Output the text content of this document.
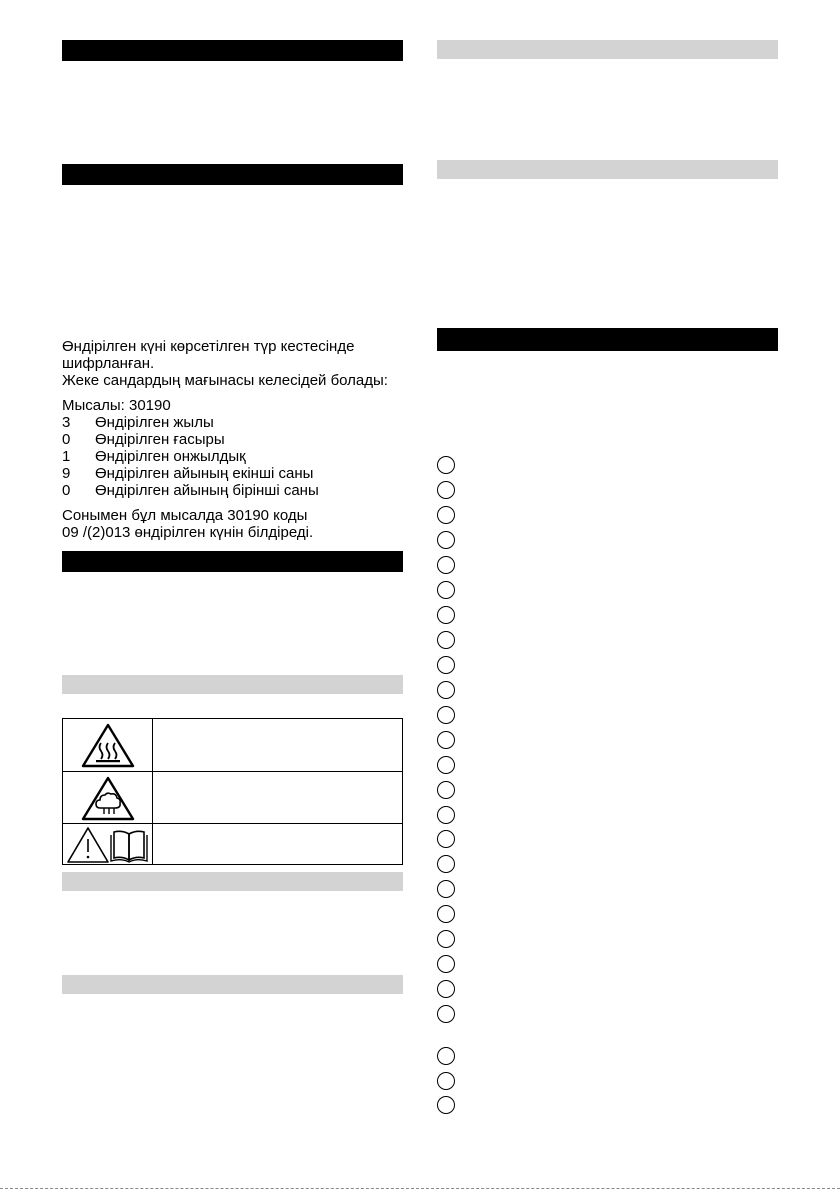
Өндірілген күні көрсетілген түр кестесінде

шифрланған.

Жеке сандардың мағынасы келесідей болады:

Мысалы: 30190

3	Өндірілген жылы
0	Өндірілген ғасыры
1	Өндірілген онжылдық
9	Өндірілген айының екінші саны
0	Өндірілген айының бірінші саны

Сонымен бұл мысалда 30190 коды

09 /(2)013 өндірілген күнін білдіреді.
